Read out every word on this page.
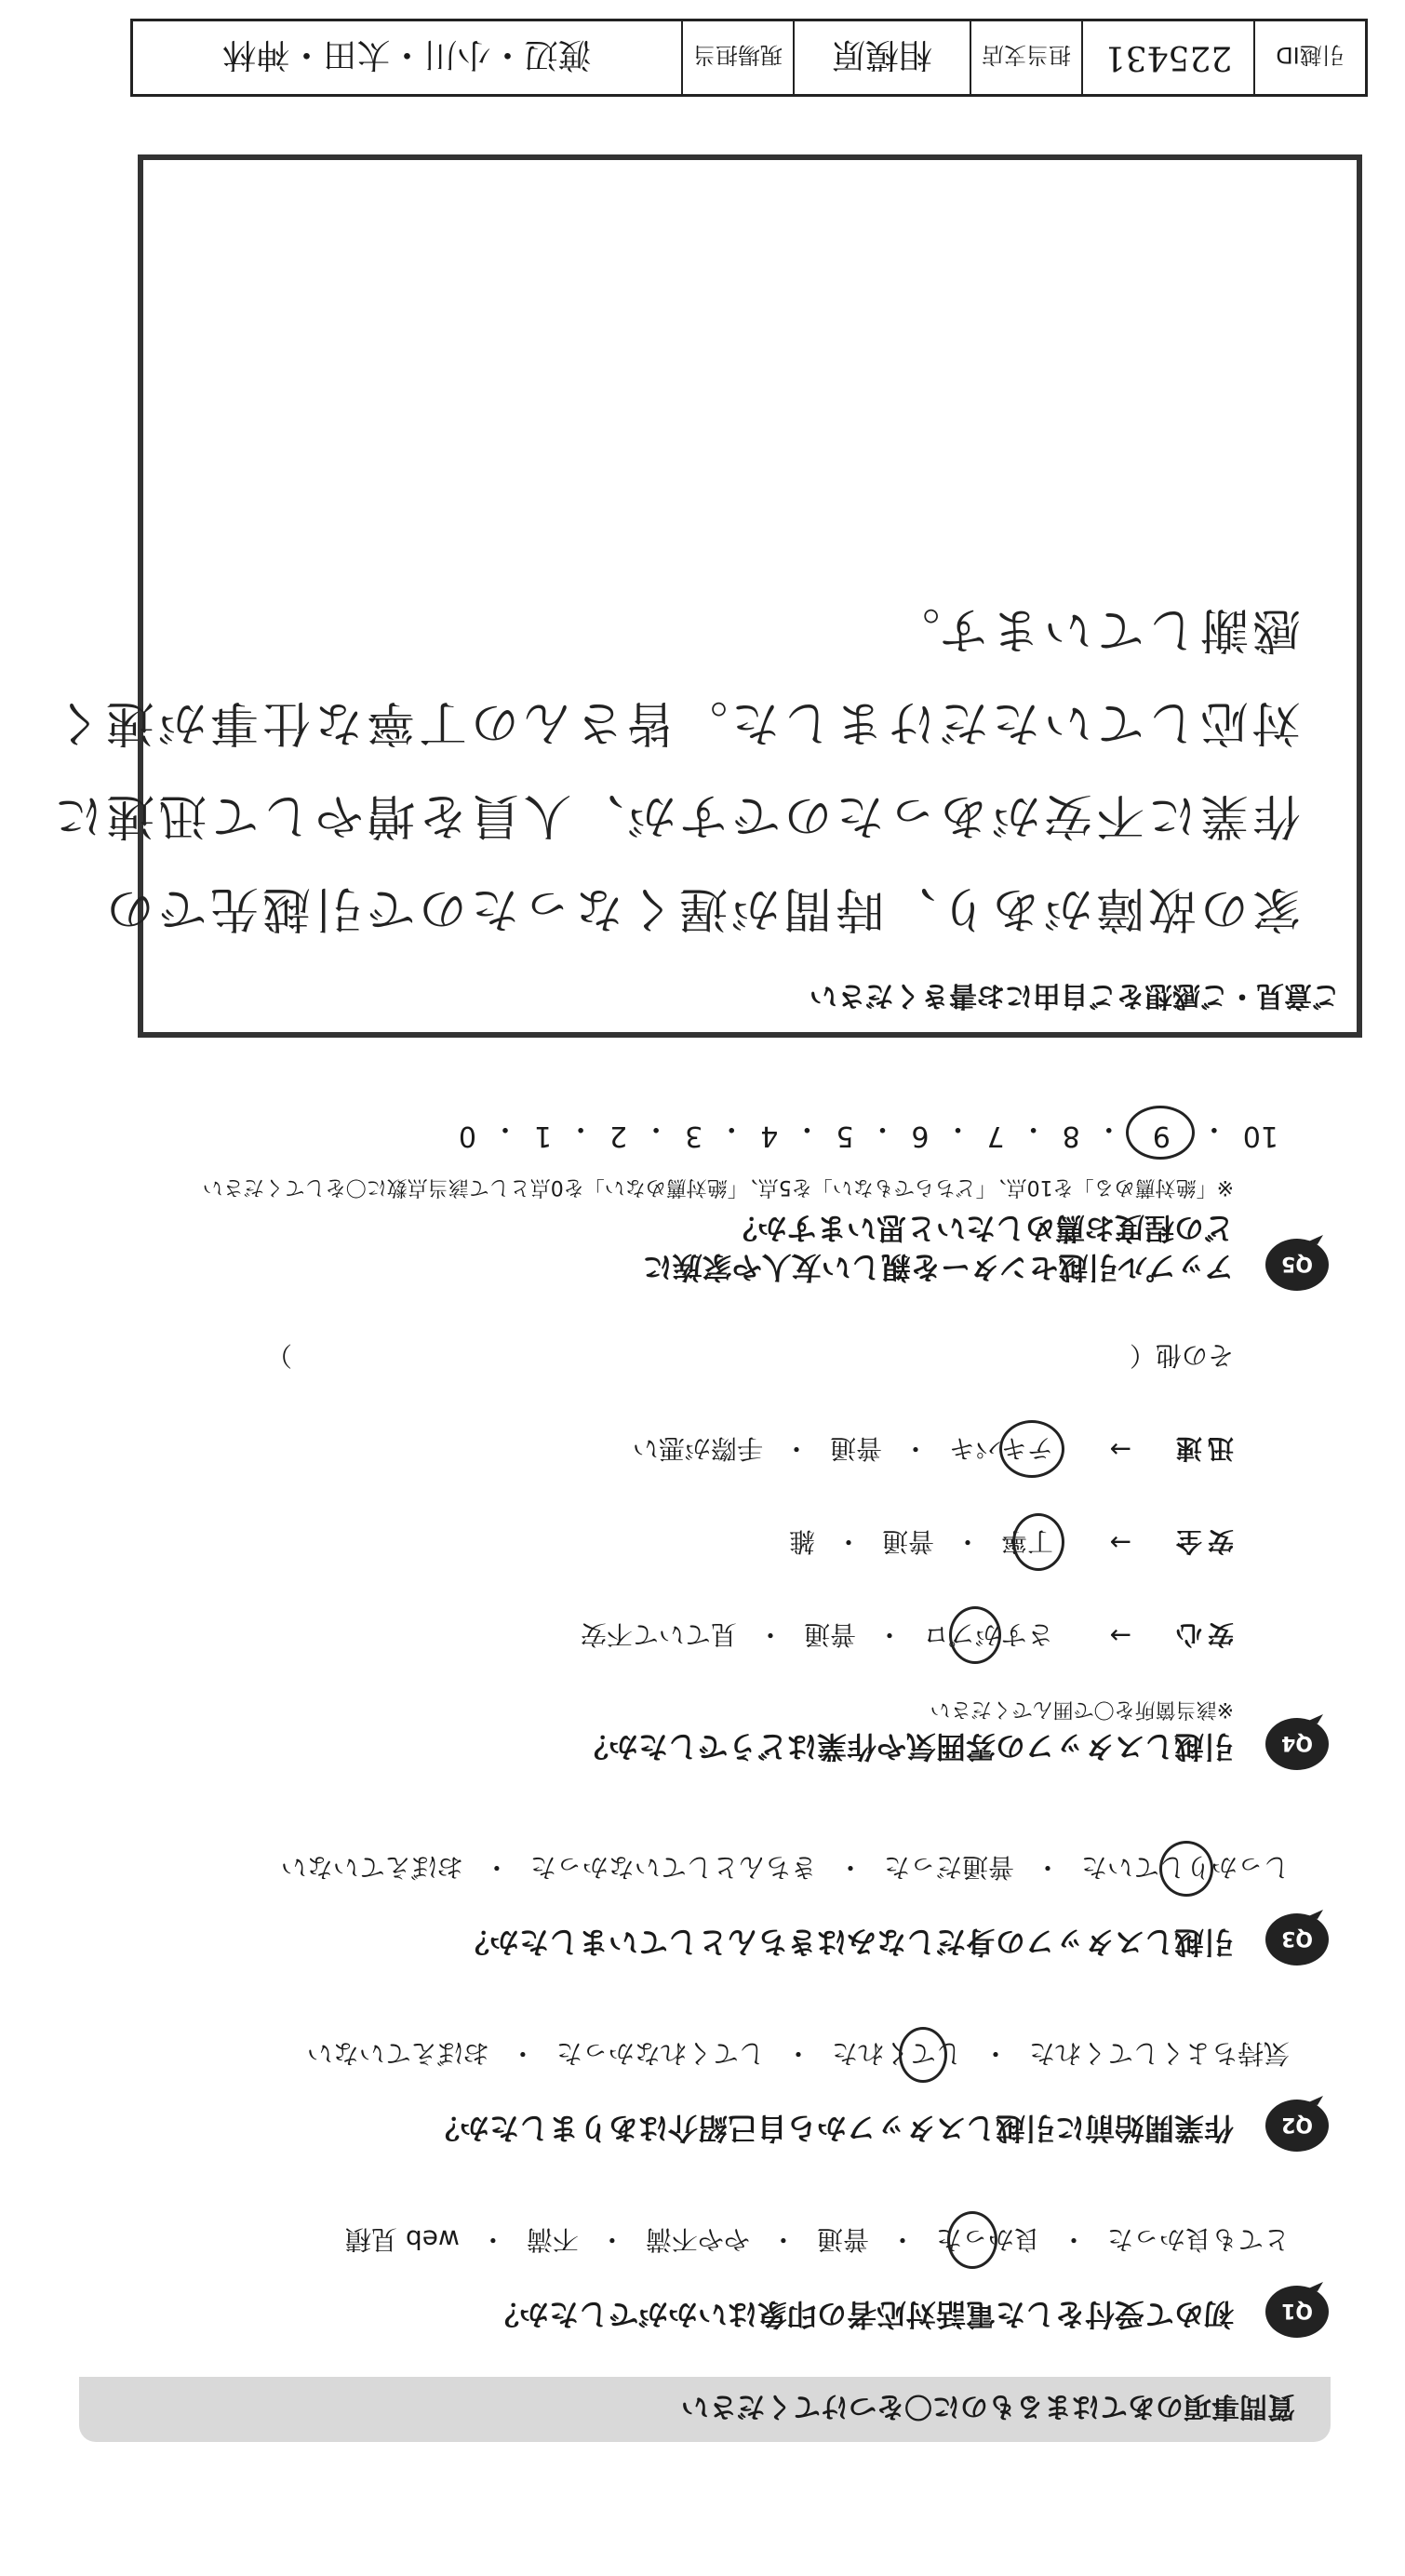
質問事項のあてはまるものに〇をつけてください
Q1
初めて受付をした電話対応者の印象はいかがでしたか？
とても良かった
・
良かった
・
普通
・
やや不満
・
不満
・
web 見積
Q2
作業開始前に引越しスタッフから自己紹介はありましたか？
気持ちよくしてくれた
・
してくれた
・
してくれなかった
・
おぼえていない
Q3
引越しスタッフの身だしなみはきちんとしていましたか？
しっかりしていた
・
普通だった
・
きちんとしていなかった
・
おぼえていない
Q4
引越しスタッフの雰囲気や作業はどうでしたか？
※該当箇所を〇で囲んでください
安心
→
さすがプロ
・
普通
・
見ていて不安
安全
→
丁寧
・
普通
・
雑
迅速
→
テキパキ
・
普通
・
手際が悪い
その他（
）
Q5
アップル引越センターを親しい友人や家族に
どの程度お薦めしたいと思いますか？
※「絶対薦める」を10点、「どちらでもない」を5点、「絶対薦めない」を0点として該当点数に〇をしてください
10
・
9
・
8
・
7
・
6
・
5
・
4
・
3
・
2
・
1
・
0
ご意見・ご感想をご自由にお書きください
家の故障があり、時間が遅くなったので引越先での
作業に不安があったのですが、人員を増やして迅速に
対応していただけました。皆さんの丁寧な仕事が速く
感謝しています。
引越ID
225431
担当支店
相模原
現場担当
渡辺・小川・太田・神林
